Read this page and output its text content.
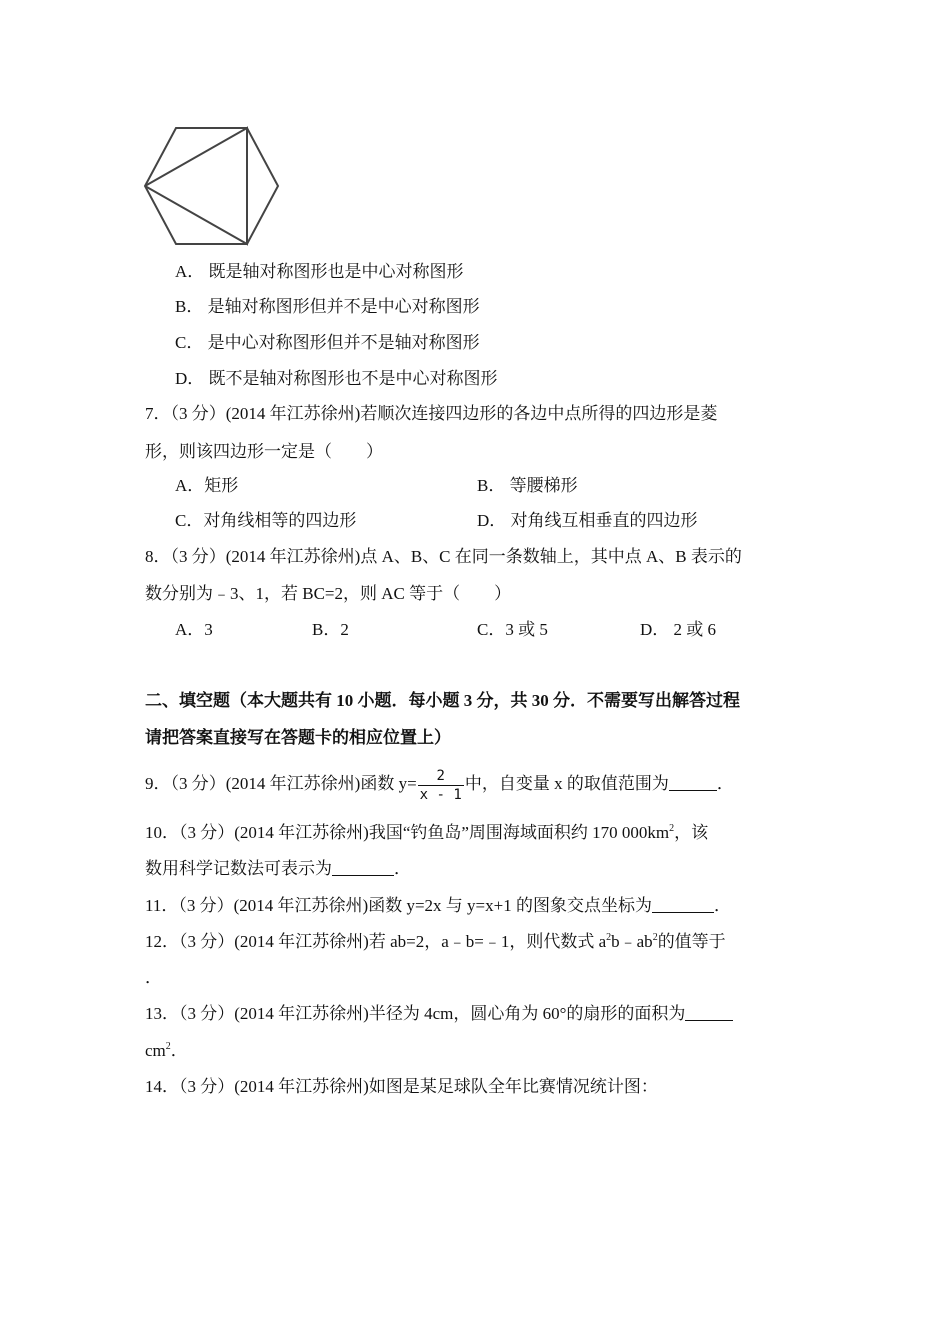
A． 既是轴对称图形也是中心对称图形
B． 是轴对称图形但并不是中心对称图形
C． 是中心对称图形但并不是轴对称图形
D． 既不是轴对称图形也不是中心对称图形
7．（3 分）(2014 年江苏徐州)若顺次连接四边形的各边中点所得的四边形是菱
形，则该四边形一定是（　　）
A．矩形	B． 等腰梯形
C．对角线相等的四边形	D． 对角线互相垂直的四边形
8．（3 分）(2014 年江苏徐州)点 A、B、C 在同一条数轴上，其中点 A、B 表示的
数分别为﹣3、1，若 BC=2，则 AC 等于（　　）
A．3	B．2	C．3 或 5	D． 2 或 6
二、填空题（本大题共有 10 小题．每小题 3 分，共 30 分．不需要写出解答过程
请把答案直接写在答题卡的相应位置上）
9．（3 分）(2014 年江苏徐州)函数 $y= \frac{2}{x - 1}$ 中，自变量 x 的取值范围为	．
10．（3 分）(2014 年江苏徐州)我国“钓鱼岛”周围海域面积约 170 $000km^2$，该
数用科学记数法可表示为	．
11．（3 分）(2014 年江苏徐州)函数 y=2x 与 y=x+1 的图象交点坐标为	．
12．（3 分）(2014 年江苏徐州)若 ab=2，a﹣b=﹣1，则代数式 $a^2b﹣ab^2$的值等于
．
13．（3 分）(2014 年江苏徐州)半径为 4cm，圆心角为 60°的扇形的面积为
$cm^2$．
14．（3 分）(2014 年江苏徐州)如图是某足球队全年比赛情况统计图：
